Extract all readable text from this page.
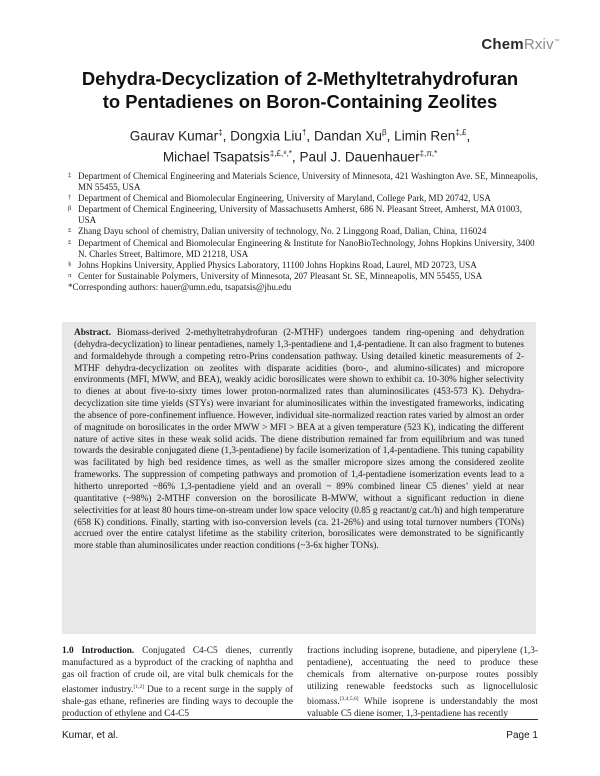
ChemRxiv™
Dehydra-Decyclization of 2-Methyltetrahydrofuran
to Pentadienes on Boron-Containing Zeolites
Gaurav Kumar‡, Dongxia Liu†, Dandan $Xu^\beta$, Limin Ren‡,£,
Michael Tsapatsis$^{\ddagger,£,^8,*}$, Paul J. Dauenhauer$^{\ddagger,\pi,*}$
‡ Department of Chemical Engineering and Materials Science, University of Minnesota, 421 Washington Ave. SE, Minneapolis, MN 55455, USA
† Department of Chemical and Biomolecular Engineering, University of Maryland, College Park, MD 20742, USA
β Department of Chemical Engineering, University of Massachusetts Amherst, 686 N. Pleasant Street, Amherst, MA 01003, USA
£ Zhang Dayu school of chemistry, Dalian university of technology, No. 2 Linggong Road, Dalian, China, 116024
£ Department of Chemical and Biomolecular Engineering & Institute for NanoBioTechnology, Johns Hopkins University, 3400 N. Charles Street, Baltimore, MD 21218, USA
§ Johns Hopkins University, Applied Physics Laboratory, 11100 Johns Hopkins Road, Laurel, MD 20723, USA
π Center for Sustainable Polymers, University of Minnesota, 207 Pleasant St. SE, Minneapolis, MN 55455, USA
*Corresponding authors: hauer@umn.edu, tsapatsis@jhu.edu
Abstract. Biomass-derived 2-methyltetrahydrofuran (2-MTHF) undergoes tandem ring-opening and dehydration (dehydra-decyclization) to linear pentadienes, namely 1,3-pentadiene and 1,4-pentadiene. It can also fragment to butenes and formaldehyde through a competing retro-Prins condensation pathway. Using detailed kinetic measurements of 2-MTHF dehydra-decyclization on zeolites with disparate acidities (boro-, and alumino-silicates) and micropore environments (MFI, MWW, and BEA), weakly acidic borosilicates were shown to exhibit ca. 10-30% higher selectivity to dienes at about five-to-sixty times lower proton-normalized rates than aluminosilicates (453-573 K). Dehydra-decyclization site time yields (STYs) were invariant for aluminosilicates within the investigated frameworks, indicating the absence of pore-confinement influence. However, individual site-normalized reaction rates varied by almost an order of magnitude on borosilicates in the order MWW > MFI > BEA at a given temperature (523 K), indicating the different nature of active sites in these weak solid acids. The diene distribution remained far from equilibrium and was tuned towards the desirable conjugated diene (1,3-pentadiene) by facile isomerization of 1,4-pentadiene. This tuning capability was facilitated by high bed residence times, as well as the smaller micropore sizes among the considered zeolite frameworks. The suppression of competing pathways and promotion of 1,4-pentadiene isomerization events lead to a hitherto unreported ~86% 1,3-pentadiene yield and an overall ~ 89% combined linear C5 dienes’ yield at near quantitative (~98%) 2-MTHF conversion on the borosilicate B-MWW, without a significant reduction in diene selectivities for at least 80 hours time-on-stream under low space velocity (0.85 g reactant/g cat./h) and high temperature (658 K) conditions. Finally, starting with iso-conversion levels (ca. 21-26%) and using total turnover numbers (TONs) accrued over the entire catalyst lifetime as the stability criterion, borosilicates were demonstrated to be significantly more stable than aluminosilicates under reaction conditions (~3-6x higher TONs).
1.0 Introduction. Conjugated C4-C5 dienes, currently manufactured as a byproduct of the cracking of naphtha and gas oil fraction of crude oil, are vital bulk chemicals for the elastomer industry.[1,2] Due to a recent surge in the supply of shale-gas ethane, refineries are finding ways to decouple the production of ethylene and C4-C5
fractions including isoprene, butadiene, and piperylene (1,3-pentadiene), accentuating the need to produce these chemicals from alternative on-purpose routes possibly utilizing renewable feedstocks such as lignocellulosic biomass.[3,4,5,6] While isoprene is understandably the most valuable C5 diene isomer, 1,3-pentadiene has recently
Kumar, et al.	Page 1
